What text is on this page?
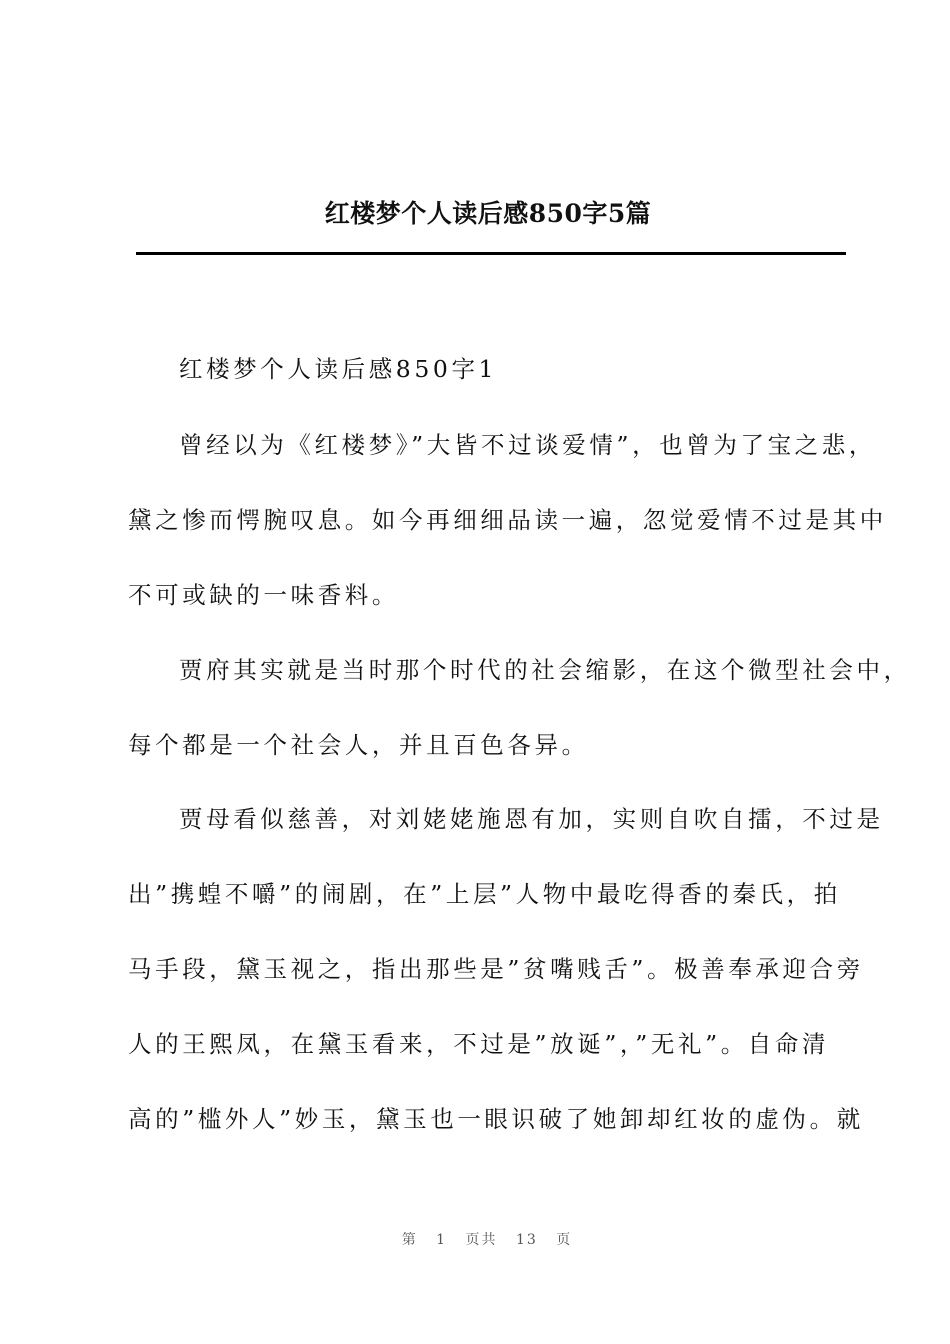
红楼梦个人读后感850字5篇
红楼梦个人读后感850字1
曾经以为《红楼梦》”大皆不过谈爱情”，也曾为了宝之悲，
黛之惨而愕腕叹息。如今再细细品读一遍，忽觉爱情不过是其中
不可或缺的一味香料。
贾府其实就是当时那个时代的社会缩影，在这个微型社会中，
每个都是一个社会人，并且百色各异。
贾母看似慈善，对刘姥姥施恩有加，实则自吹自擂，不过是
出”携蝗不嚼”的闹剧，在”上层”人物中最吃得香的秦氏，拍
马手段，黛玉视之，指出那些是”贫嘴贱舌”。极善奉承迎合旁
人的王熙凤，在黛玉看来，不过是”放诞”，”无礼”。自命清
高的”槛外人”妙玉，黛玉也一眼识破了她卸却红妆的虚伪。就
第 1 页共 13 页
